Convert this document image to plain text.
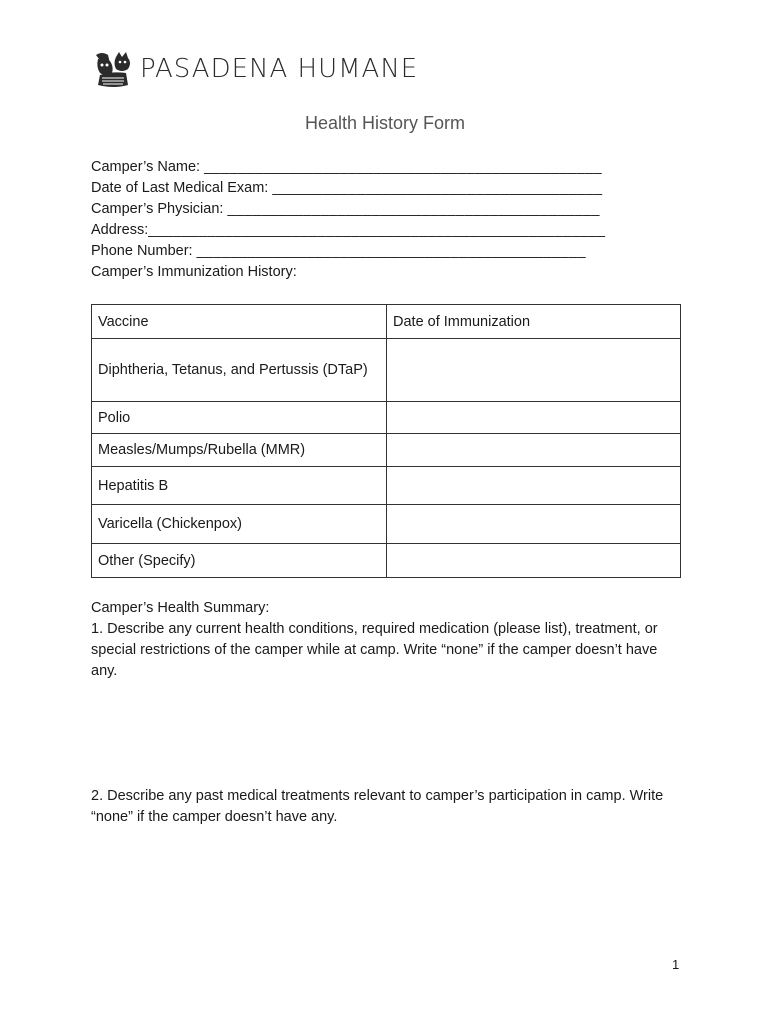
PASADENA HUMANE
Health History Form
Camper’s Name: _______________________________________________
Date of Last Medical Exam: _______________________________________
Camper’s Physician: ____________________________________________
Address:______________________________________________________
Phone Number: ______________________________________________
Camper’s Immunization History:
Vaccine	Date of Immunization
Diphtheria, Tetanus, and Pertussis (DTaP)	
Polio	
Measles/Mumps/Rubella (MMR)	
Hepatitis B	
Varicella (Chickenpox)	
Other (Specify)	
Camper’s Health Summary:
1. Describe any current health conditions, required medication (please list), treatment, or special restrictions of the camper while at camp. Write “none” if the camper doesn’t have any.
2. Describe any past medical treatments relevant to camper’s participation in camp. Write “none” if the camper doesn’t have any.
1
